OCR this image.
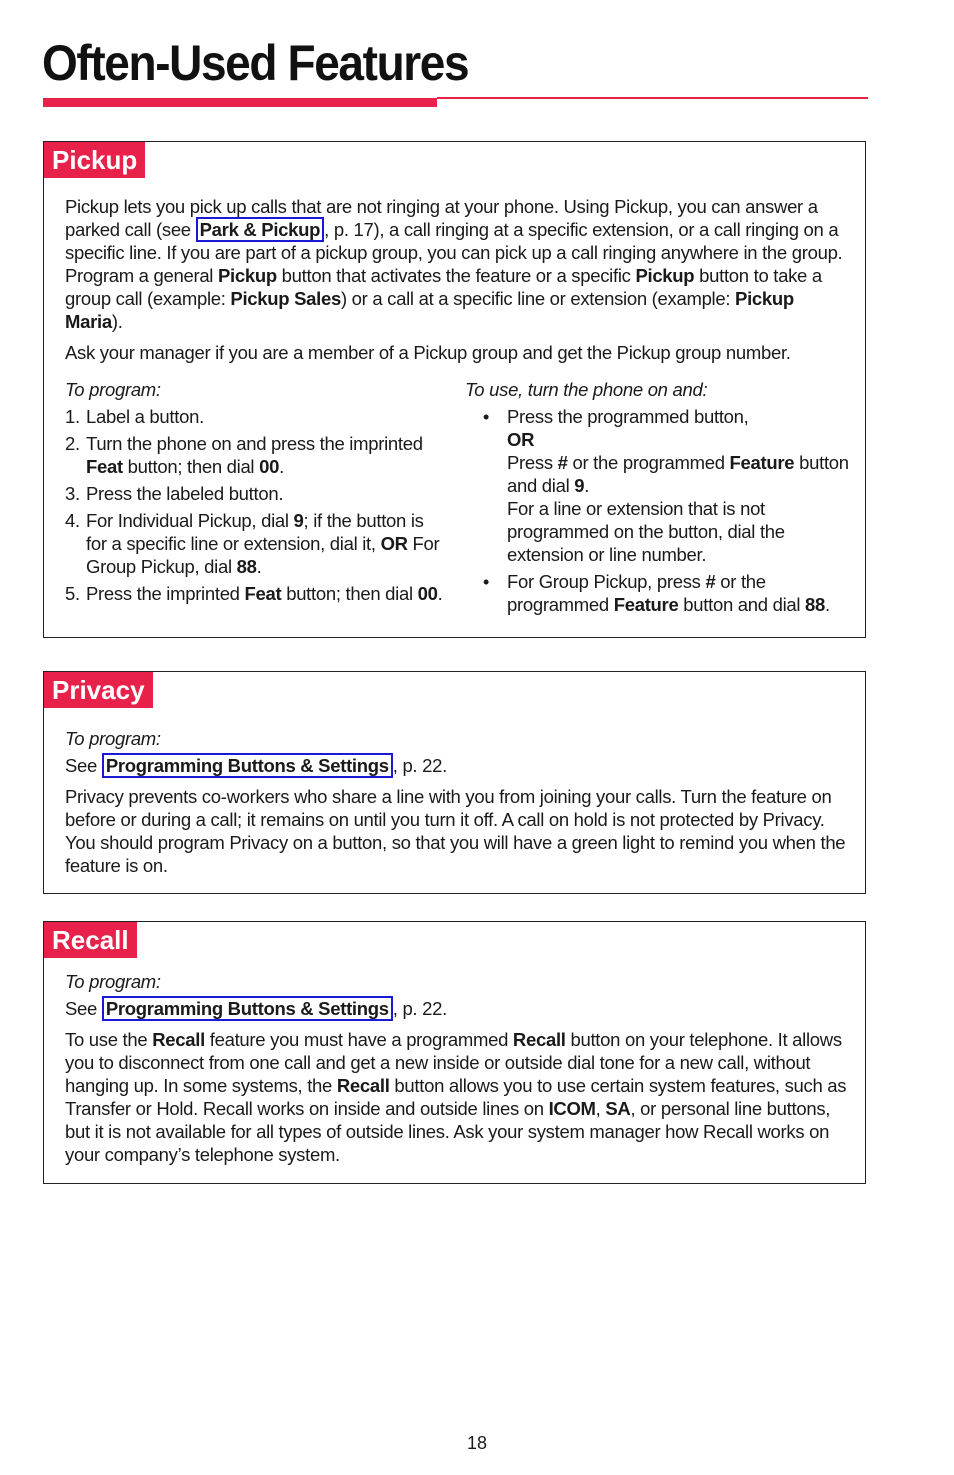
Often-Used Features
Pickup

Pickup lets you pick up calls that are not ringing at your phone. Using Pickup, you can answer a parked call (see Park & Pickup , p. 17), a call ringing at a specific extension, or a call ringing on a specific line. If you are part of a pickup group, you can pick up a call ringing anywhere in the group. Program a general Pickup button that activates the feature or a specific Pickup button to take a group call (example: Pickup Sales) or a call at a specific line or extension (example: Pickup Maria).

Ask your manager if you are a member of a Pickup group and get the Pickup group number.

To program:
1. Label a button.
2. Turn the phone on and press the imprinted Feat button; then dial 00.
3. Press the labeled button.
4. For Individual Pickup, dial 9; if the button is for a specific line or extension, dial it, OR For Group Pickup, dial 88.
5. Press the imprinted Feat button; then dial 00.
To use, turn the phone on and:
• Press the programmed button,
OR
Press # or the programmed Feature button and dial 9.
For a line or extension that is not programmed on the button, dial the extension or line number.
• For Group Pickup, press # or the programmed Feature button and dial 88.
Privacy
To program:

See Programming Buttons & Settings , p. 22.

Privacy prevents co-workers who share a line with you from joining your calls. Turn the feature on before or during a call; it remains on until you turn it off. A call on hold is not protected by Privacy. You should program Privacy on a button, so that you will have a green light to remind you when the feature is on.

Recall
To program:

See Programming Buttons & Settings , p. 22.

To use the Recall feature you must have a programmed Recall button on your telephone. It allows you to disconnect from one call and get a new inside or outside dial tone for a new call, without hanging up. In some systems, the Recall button allows you to use certain system features, such as Transfer or Hold. Recall works on inside and outside lines on ICOM, SA, or personal line buttons, but it is not available for all types of outside lines. Ask your system manager how Recall works on your company’s telephone system.

18
